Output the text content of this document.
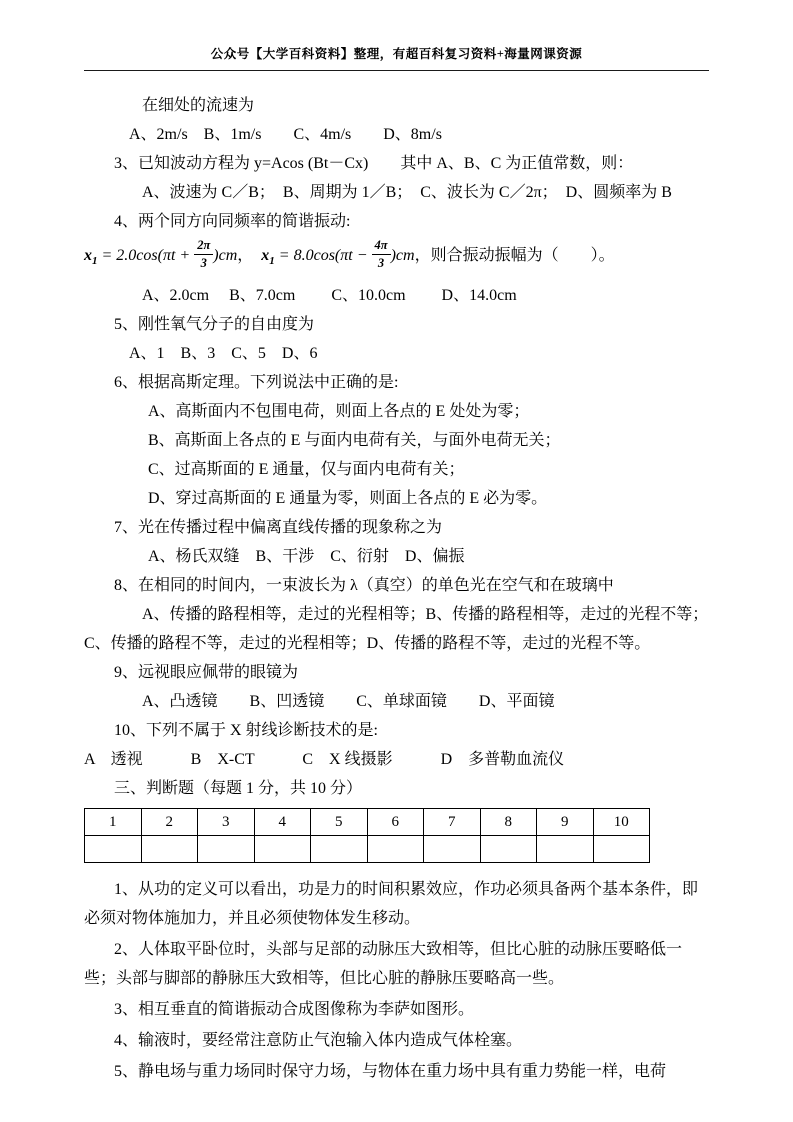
公众号【大学百科资料】整理，有超百科复习资料+海量网课资源

在细处的流速为

A、2m/s　B、1m/s　　C、4m/s　　D、8m/s

3、已知波动方程为 y=Acos (Bt－Cx)　　其中 A、B、C 为正值常数，则：

A、波速为 C／B；　B、周期为 1／B；　C、波长为 C／2π；　D、圆频率为 B

4、两个同方向同频率的简谐振动:

$x_1 = 2.0\cos(\pi t + \frac{2\pi}{3} )cm$，  $x_1 = 8.0\cos(\pi t - \frac{4\pi}{3} )cm$，则合振动振幅为（　　）。

A、2.0cm　 B、7.0cm　　 C、10.0cm　　 D、14.0cm

5、刚性氧气分子的自由度为

A、1　B、3　C、5　D、6

6、根据高斯定理。下列说法中正确的是:

A、高斯面内不包围电荷，则面上各点的 E 处处为零；

B、高斯面上各点的 E 与面内电荷有关，与面外电荷无关；

C、过高斯面的 E 通量，仅与面内电荷有关；

D、穿过高斯面的 E 通量为零，则面上各点的 E 必为零。

7、光在传播过程中偏离直线传播的现象称之为

A、杨氏双缝　B、干涉　C、衍射　D、偏振

8、在相同的时间内，一束波长为 λ（真空）的单色光在空气和在玻璃中

A、传播的路程相等，走过的光程相等；B、传播的路程相等，走过的光程不等；C、传播的路程不等，走过的光程相等；D、传播的路程不等，走过的光程不等。

9、远视眼应佩带的眼镜为

A、凸透镜　　B、凹透镜　　C、单球面镜　　D、平面镜

10、下列不属于 X 射线诊断技术的是:

A　透视　　　B　X-CT　　　C　X 线摄影　　　D　多普勒血流仪

三、判断题（每题 1 分，共 10 分）

1	2	3	4	5	6	7	8	9	10

1、从功的定义可以看出，功是力的时间积累效应，作功必须具备两个基本条件，即必须对物体施加力，并且必须使物体发生移动。

2、人体取平卧位时，头部与足部的动脉压大致相等，但比心脏的动脉压要略低一些；头部与脚部的静脉压大致相等，但比心脏的静脉压要略高一些。

3、相互垂直的简谐振动合成图像称为李萨如图形。

4、输液时，要经常注意防止气泡输入体内造成气体栓塞。

5、静电场与重力场同时保守力场，与物体在重力场中具有重力势能一样，电荷
